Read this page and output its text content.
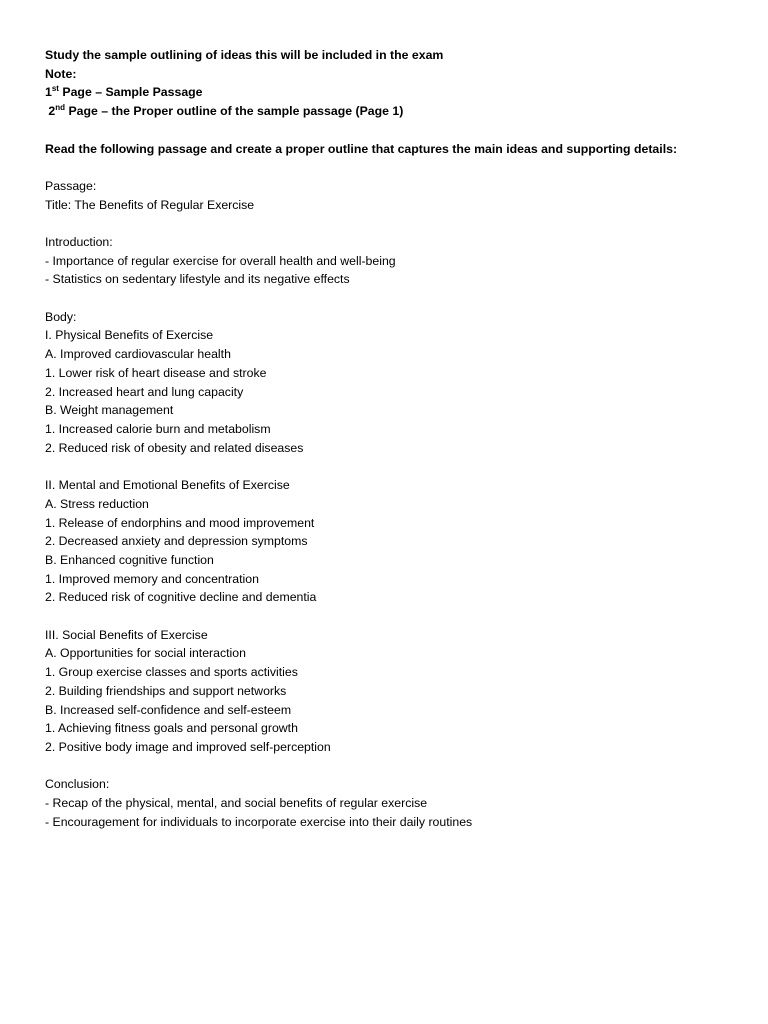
Study the sample outlining of ideas this will be included in the exam
Note:
1st Page – Sample Passage
2nd Page – the Proper outline of the sample passage (Page 1)
Read the following passage and create a proper outline that captures the main ideas and supporting details:
Passage:
Title: The Benefits of Regular Exercise
Introduction:
- Importance of regular exercise for overall health and well-being
- Statistics on sedentary lifestyle and its negative effects
Body:
I. Physical Benefits of Exercise
A. Improved cardiovascular health
1. Lower risk of heart disease and stroke
2. Increased heart and lung capacity
B. Weight management
1. Increased calorie burn and metabolism
2. Reduced risk of obesity and related diseases
II. Mental and Emotional Benefits of Exercise
A. Stress reduction
1. Release of endorphins and mood improvement
2. Decreased anxiety and depression symptoms
B. Enhanced cognitive function
1. Improved memory and concentration
2. Reduced risk of cognitive decline and dementia
III. Social Benefits of Exercise
A. Opportunities for social interaction
1. Group exercise classes and sports activities
2. Building friendships and support networks
B. Increased self-confidence and self-esteem
1. Achieving fitness goals and personal growth
2. Positive body image and improved self-perception
Conclusion:
- Recap of the physical, mental, and social benefits of regular exercise
- Encouragement for individuals to incorporate exercise into their daily routines
